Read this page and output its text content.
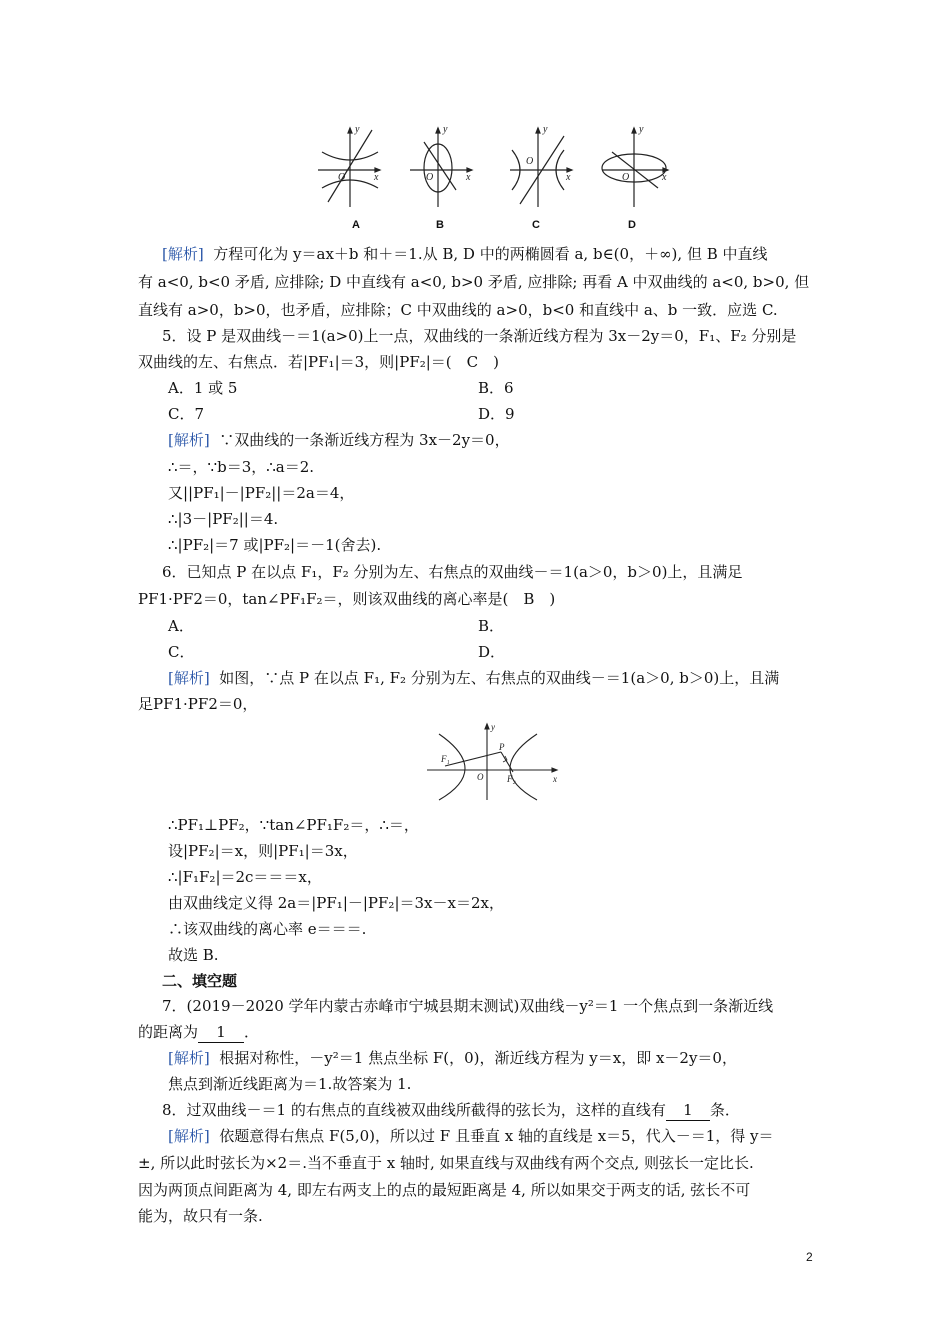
y
x
O
y
x
O
y
x
O
y
x
O
A	B	C	D
[解析] 方程可化为 y＝ax＋b 和＋＝1.从 B, D 中的两椭圆看 a, b∈(0，＋∞), 但 B 中直线
有 a<0, b<0 矛盾, 应排除; D 中直线有 a<0, b>0 矛盾, 应排除; 再看 A 中双曲线的 a<0, b>0, 但
直线有 a>0，b>0，也矛盾，应排除；C 中双曲线的 a>0，b<0 和直线中 a、b 一致．应选 C.
5．设 P 是双曲线－＝1(a>0)上一点，双曲线的一条渐近线方程为 3x－2y＝0，F₁、F₂ 分别是
双曲线的左、右焦点．若|PF₁|＝3，则|PF₂|＝(　C　)
A．1 或 5	B．6
C．7	D．9
[解析] ∵双曲线的一条渐近线方程为 3x－2y＝0，
∴＝，∵b＝3，∴a＝2.
又||PF₁|－|PF₂||＝2a＝4，
∴|3－|PF₂||＝4.
∴|PF₂|＝7 或|PF₂|＝－1(舍去).
6．已知点 P 在以点 F₁，F₂ 分别为左、右焦点的双曲线－＝1(a＞0，b＞0)上，且满足
PF1·PF2＝0，tan∠PF₁F₂＝，则该双曲线的离心率是(　B　)
A．	B．
C．	D．
[解析] 如图，∵点 P 在以点 F₁, F₂ 分别为左、右焦点的双曲线－＝1(a＞0, b＞0)上，且满
足PF1·PF2＝0，
y
x
O
P
F₁
F₂
∴PF₁⊥PF₂，∵tan∠PF₁F₂＝，∴＝，
设|PF₂|＝x，则|PF₁|＝3x，
∴|F₁F₂|＝2c＝＝＝x，
由双曲线定义得 2a＝|PF₁|－|PF₂|＝3x－x＝2x，
∴该双曲线的离心率 e＝＝＝.
故选 B.
二、填空题
7．(2019－2020 学年内蒙古赤峰市宁城县期末测试)双曲线－y²＝1 一个焦点到一条渐近线
的距离为 1 ．
[解析] 根据对称性，－y²＝1 焦点坐标 F(，0)，渐近线方程为 y＝x，即 x－2y＝0，
焦点到渐近线距离为＝1.故答案为 1.
8．过双曲线－＝1 的右焦点的直线被双曲线所截得的弦长为，这样的直线有 1 条．
[解析] 依题意得右焦点 F(5,0)，所以过 F 且垂直 x 轴的直线是 x＝5，代入－＝1，得 y＝
±, 所以此时弦长为×2＝.当不垂直于 x 轴时, 如果直线与双曲线有两个交点, 则弦长一定比长.
因为两顶点间距离为 4, 即左右两支上的点的最短距离是 4, 所以如果交于两支的话, 弦长不可
能为，故只有一条.
2
